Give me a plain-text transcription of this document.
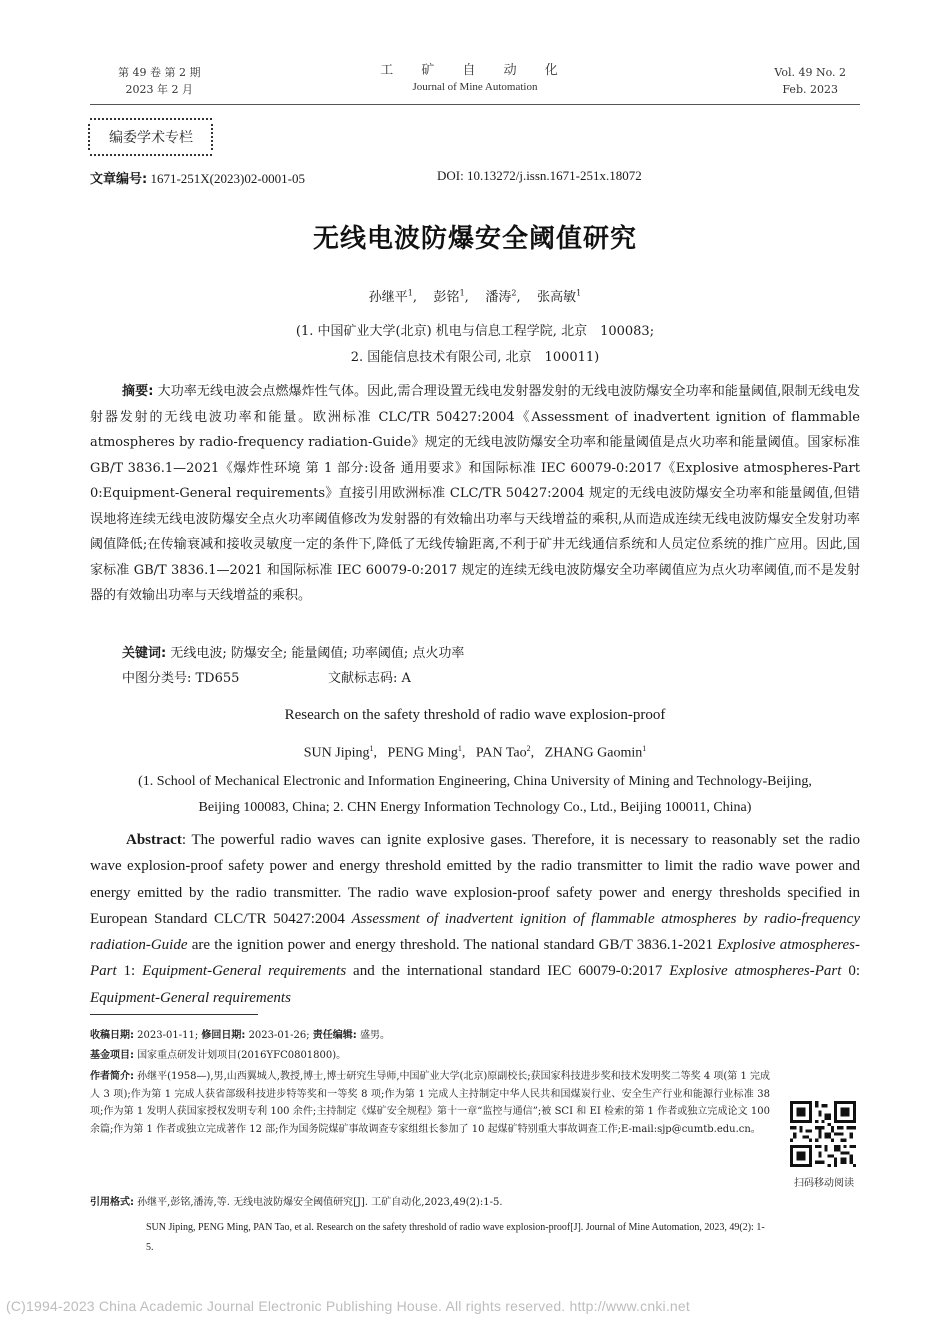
第 49 卷 第 2 期
2023 年 2 月
工 矿 自 动 化
Journal of Mine Automation
Vol. 49 No. 2
Feb. 2023
编委学术专栏
文章编号: 1671-251X(2023)02-0001-05	DOI: 10.13272/j.issn.1671-251x.18072
无线电波防爆安全阈值研究
孙继平$^1$, 彭铭$^1$, 潘涛$^2$, 张高敏$^1$
(1. 中国矿业大学(北京) 机电与信息工程学院, 北京　100083;
2. 国能信息技术有限公司, 北京　100011)
摘要: 大功率无线电波会点燃爆炸性气体。因此,需合理设置无线电发射器发射的无线电波防爆安全功率和能量阈值,限制无线电发射器发射的无线电波功率和能量。欧洲标准 CLC/TR 50427:2004《Assessment of inadvertent ignition of flammable atmospheres by radio-frequency radiation-Guide》规定的无线电波防爆安全功率和能量阈值是点火功率和能量阈值。国家标准 GB/T 3836.1—2021《爆炸性环境 第 1 部分:设备 通用要求》和国际标准 IEC 60079-0:2017《Explosive atmospheres-Part 0:Equipment-General requirements》直接引用欧洲标准 CLC/TR 50427:2004 规定的无线电波防爆安全功率和能量阈值,但错误地将连续无线电波防爆安全点火功率阈值修改为发射器的有效输出功率与天线增益的乘积,从而造成连续无线电波防爆安全发射功率阈值降低;在传输衰减和接收灵敏度一定的条件下,降低了无线传输距离,不利于矿井无线通信系统和人员定位系统的推广应用。因此,国家标准 GB/T 3836.1—2021 和国际标准 IEC 60079-0:2017 规定的连续无线电波防爆安全功率阈值应为点火功率阈值,而不是发射器的有效输出功率与天线增益的乘积。
关键词: 无线电波; 防爆安全; 能量阈值; 功率阈值; 点火功率
中图分类号: TD655	文献标志码: A
Research on the safety threshold of radio wave explosion-proof
SUN Jiping$^1$, PENG Ming$^1$, PAN Tao$^2$, ZHANG Gaomin$^1$
(1. School of Mechanical Electronic and Information Engineering, China University of Mining and Technology-Beijing,
Beijing 100083, China; 2. CHN Energy Information Technology Co., Ltd., Beijing 100011, China)
Abstract: The powerful radio waves can ignite explosive gases. Therefore, it is necessary to reasonably set the radio wave explosion-proof safety power and energy threshold emitted by the radio transmitter to limit the radio wave power and energy emitted by the radio transmitter. The radio wave explosion-proof safety power and energy thresholds specified in European Standard CLC/TR 50427:2004 Assessment of inadvertent ignition of flammable atmospheres by radio-frequency radiation-Guide are the ignition power and energy threshold. The national standard GB/T 3836.1-2021 Explosive atmospheres-Part 1: Equipment-General requirements and the international standard IEC 60079-0:2017 Explosive atmospheres-Part 0: Equipment-General requirements
收稿日期: 2023-01-11; 修回日期: 2023-01-26; 责任编辑: 盛男。
基金项目: 国家重点研发计划项目(2016YFC0801800)。
作者简介: 孙继平(1958—),男,山西翼城人,教授,博士,博士研究生导师,中国矿业大学(北京)原副校长;获国家科技进步奖和技术发明奖二等奖 4 项(第 1 完成人 3 项);作为第 1 完成人获省部级科技进步特等奖和一等奖 8 项;作为第 1 完成人主持制定中华人民共和国煤炭行业、安全生产行业和能源行业标准 38 项;作为第 1 发明人获国家授权发明专利 100 余件;主持制定《煤矿安全规程》第十一章“监控与通信”;被 SCI 和 EI 检索的第 1 作者或独立完成论文 100 余篇;作为第 1 作者或独立完成著作 12 部;作为国务院煤矿事故调查专家组组长参加了 10 起煤矿特别重大事故调查工作;E-mail:sjp@cumtb.edu.cn。
引用格式: 孙继平,彭铭,潘涛,等. 无线电波防爆安全阈值研究[J]. 工矿自动化,2023,49(2):1-5.
SUN Jiping, PENG Ming, PAN Tao, et al. Research on the safety threshold of radio wave explosion-proof[J]. Journal of Mine Automation, 2023, 49(2): 1-5.
扫码移动阅读
(C)1994-2023 China Academic Journal Electronic Publishing House. All rights reserved. http://www.cnki.net
